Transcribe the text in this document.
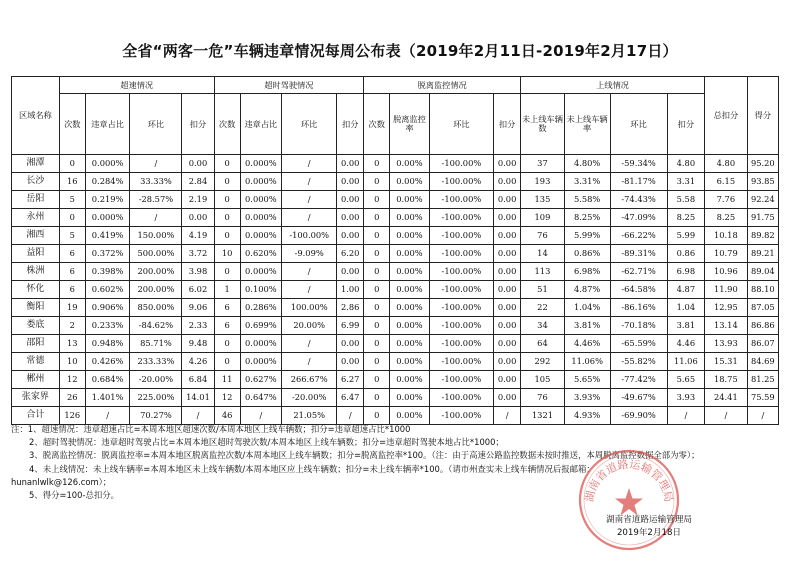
全省“两客一危”车辆违章情况每周公布表（2019年2月11日-2019年2月17日）
区域名称	超速情况				超时驾驶情况				脱离监控情况				上线情况				总扣分	得分
	次数	违章占比	环比	扣分	次数	违章占比	环比	扣分	次数	脱离监控率	环比	扣分	未上线车辆数	未上线车辆率	环比	扣分		
湘潭	0	0.000%	/	0.00	0	0.000%	/	0.00	0	0.00%	-100.00%	0.00	37	4.80%	-59.34%	4.80	4.80	95.20
长沙	16	0.284%	33.33%	2.84	0	0.000%	/	0.00	0	0.00%	-100.00%	0.00	193	3.31%	-81.17%	3.31	6.15	93.85
岳阳	5	0.219%	-28.57%	2.19	0	0.000%	/	0.00	0	0.00%	-100.00%	0.00	135	5.58%	-74.43%	5.58	7.76	92.24
永州	0	0.000%	/	0.00	0	0.000%	/	0.00	0	0.00%	-100.00%	0.00	109	8.25%	-47.09%	8.25	8.25	91.75
湘西	5	0.419%	150.00%	4.19	0	0.000%	-100.00%	0.00	0	0.00%	-100.00%	0.00	76	5.99%	-66.22%	5.99	10.18	89.82
益阳	6	0.372%	500.00%	3.72	10	0.620%	-9.09%	6.20	0	0.00%	-100.00%	0.00	14	0.86%	-89.31%	0.86	10.79	89.21
株洲	6	0.398%	200.00%	3.98	0	0.000%	/	0.00	0	0.00%	-100.00%	0.00	113	6.98%	-62.71%	6.98	10.96	89.04
怀化	6	0.602%	200.00%	6.02	1	0.100%	/	1.00	0	0.00%	-100.00%	0.00	51	4.87%	-64.58%	4.87	11.90	88.10
衡阳	19	0.906%	850.00%	9.06	6	0.286%	100.00%	2.86	0	0.00%	-100.00%	0.00	22	1.04%	-86.16%	1.04	12.95	87.05
娄底	2	0.233%	-84.62%	2.33	6	0.699%	20.00%	6.99	0	0.00%	-100.00%	0.00	34	3.81%	-70.18%	3.81	13.14	86.86
邵阳	13	0.948%	85.71%	9.48	0	0.000%	/	0.00	0	0.00%	-100.00%	0.00	64	4.46%	-65.59%	4.46	13.93	86.07
常德	10	0.426%	233.33%	4.26	0	0.000%	/	0.00	0	0.00%	-100.00%	0.00	292	11.06%	-55.82%	11.06	15.31	84.69
郴州	12	0.684%	-20.00%	6.84	11	0.627%	266.67%	6.27	0	0.00%	-100.00%	0.00	105	5.65%	-77.42%	5.65	18.75	81.25
张家界	26	1.401%	225.00%	14.01	12	0.647%	-20.00%	6.47	0	0.00%	-100.00%	0.00	76	3.93%	-49.67%	3.93	24.41	75.59
合计	126	/	70.27%	/	46	/	21.05%	/	0	0.00%	-100.00%	/	1321	4.93%	-69.90%	/	/	/
注：1、超速情况：违章超速占比=本周本地区超速次数/本周本地区上线车辆数；扣分=违章超速占比*1000
2、超时驾驶情况：违章超时驾驶占比=本周本地区超时驾驶次数/本周本地区上线车辆数；扣分=违章超时驾驶本地占比*1000；
3、脱离监控情况：脱离监控率=本周本地区脱离监控次数/本周本地区上线车辆数；扣分=脱离监控率*100。（注：由于高速公路监控数据未按时推送，本周脱离监控数据全部为零）；
4、未上线情况：未上线车辆率=本周本地区未上线车辆数/本周本地区应上线车辆数；扣分=未上线车辆率*100。（请市州查实未上线车辆情况后报邮箱：
hunanlwlk@126.com）；
5、得分=100-总扣分。	湖南省道路运输管理局
湖南省道路运输管理局
2019年2月18日
